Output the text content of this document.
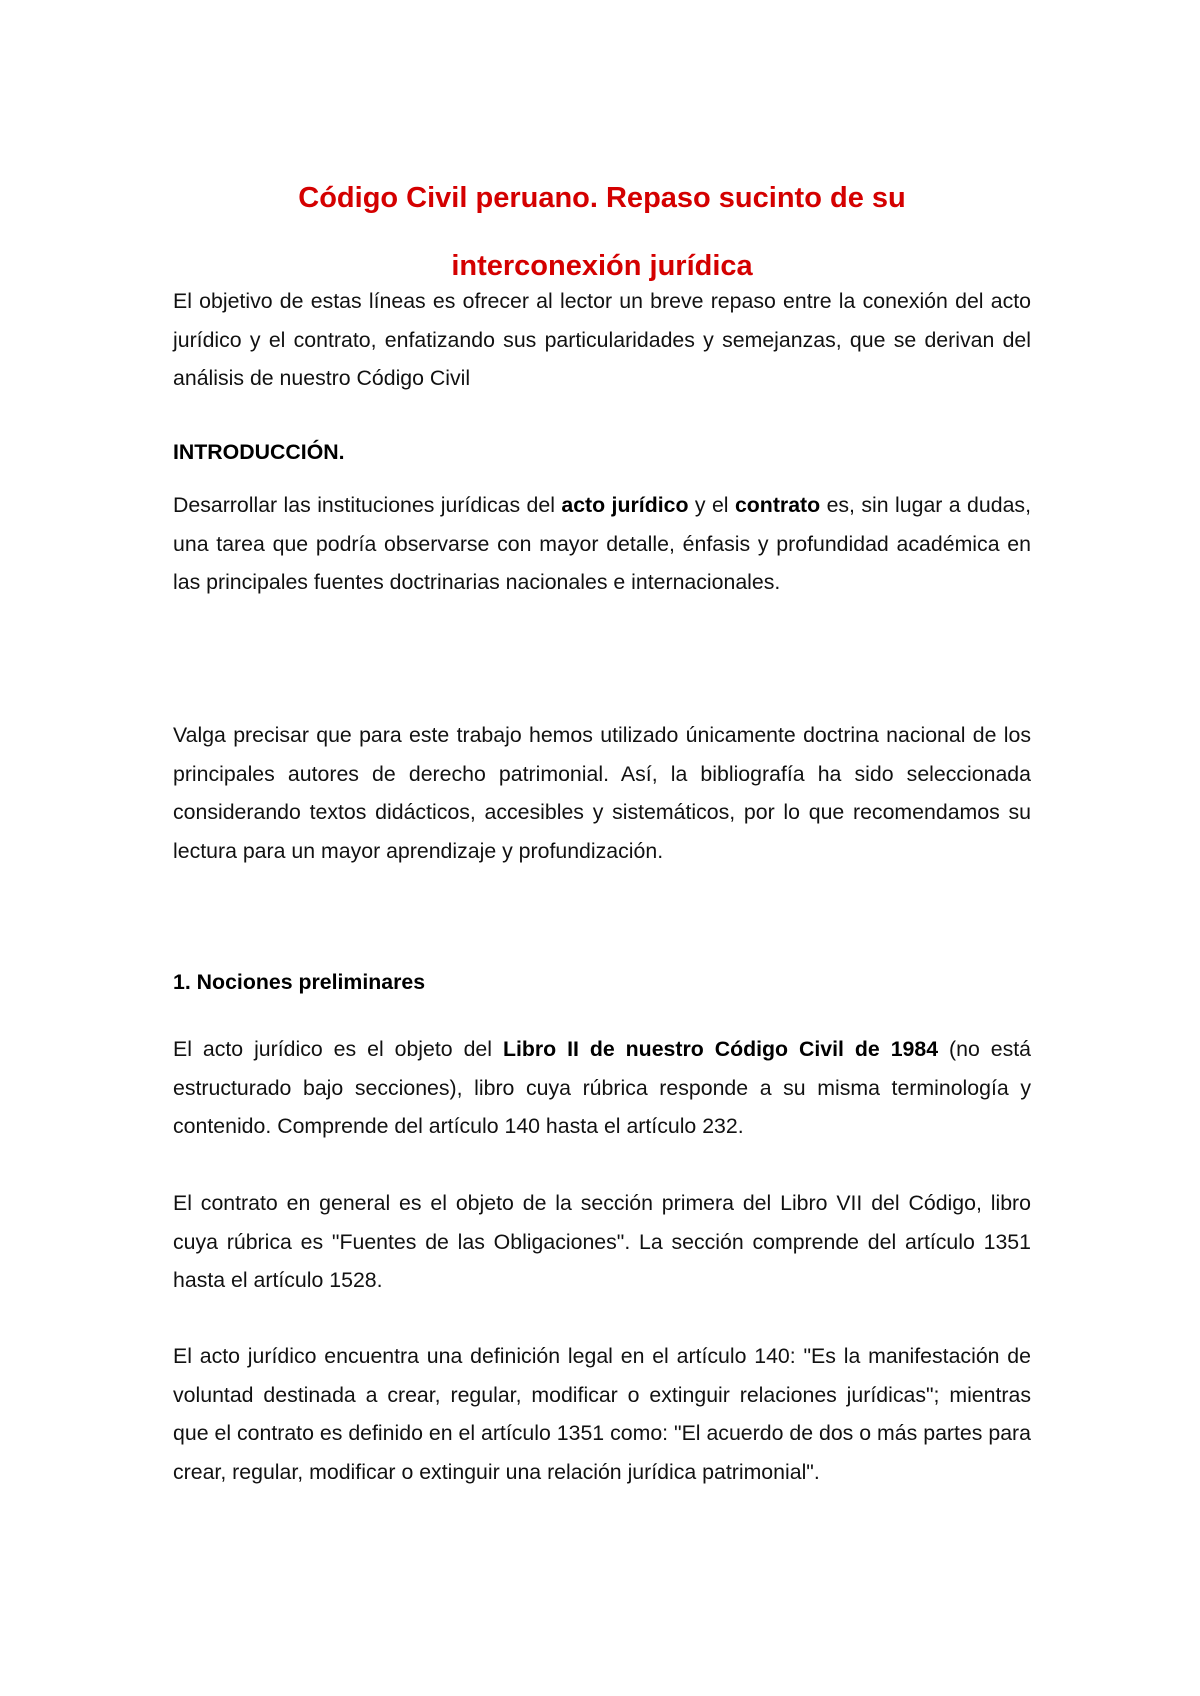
Código Civil peruano. Repaso sucinto de su
interconexión jurídica

El objetivo de estas líneas es ofrecer al lector un breve repaso entre la conexión del acto jurídico y el contrato, enfatizando sus particularidades y semejanzas, que se derivan del análisis de nuestro Código Civil

INTRODUCCIÓN.

Desarrollar las instituciones jurídicas del acto jurídico y el contrato es, sin lugar a dudas, una tarea que podría observarse con mayor detalle, énfasis y profundidad académica en las principales fuentes doctrinarias nacionales e internacionales.

Valga precisar que para este trabajo hemos utilizado únicamente doctrina nacional de los principales autores de derecho patrimonial. Así, la bibliografía ha sido seleccionada considerando textos didácticos, accesibles y sistemáticos, por lo que recomendamos su lectura para un mayor aprendizaje y profundización.

1. Nociones preliminares

El acto jurídico es el objeto del Libro II de nuestro Código Civil de 1984 (no está estructurado bajo secciones), libro cuya rúbrica responde a su misma terminología y contenido. Comprende del artículo 140 hasta el artículo 232.

El contrato en general es el objeto de la sección primera del Libro VII del Código, libro cuya rúbrica es "Fuentes de las Obligaciones". La sección comprende del artículo 1351 hasta el artículo 1528.

El acto jurídico encuentra una definición legal en el artículo 140: "Es la manifestación de voluntad destinada a crear, regular, modificar o extinguir relaciones jurídicas"; mientras que el contrato es definido en el artículo 1351 como: "El acuerdo de dos o más partes para crear, regular, modificar o extinguir una relación jurídica patrimonial".
